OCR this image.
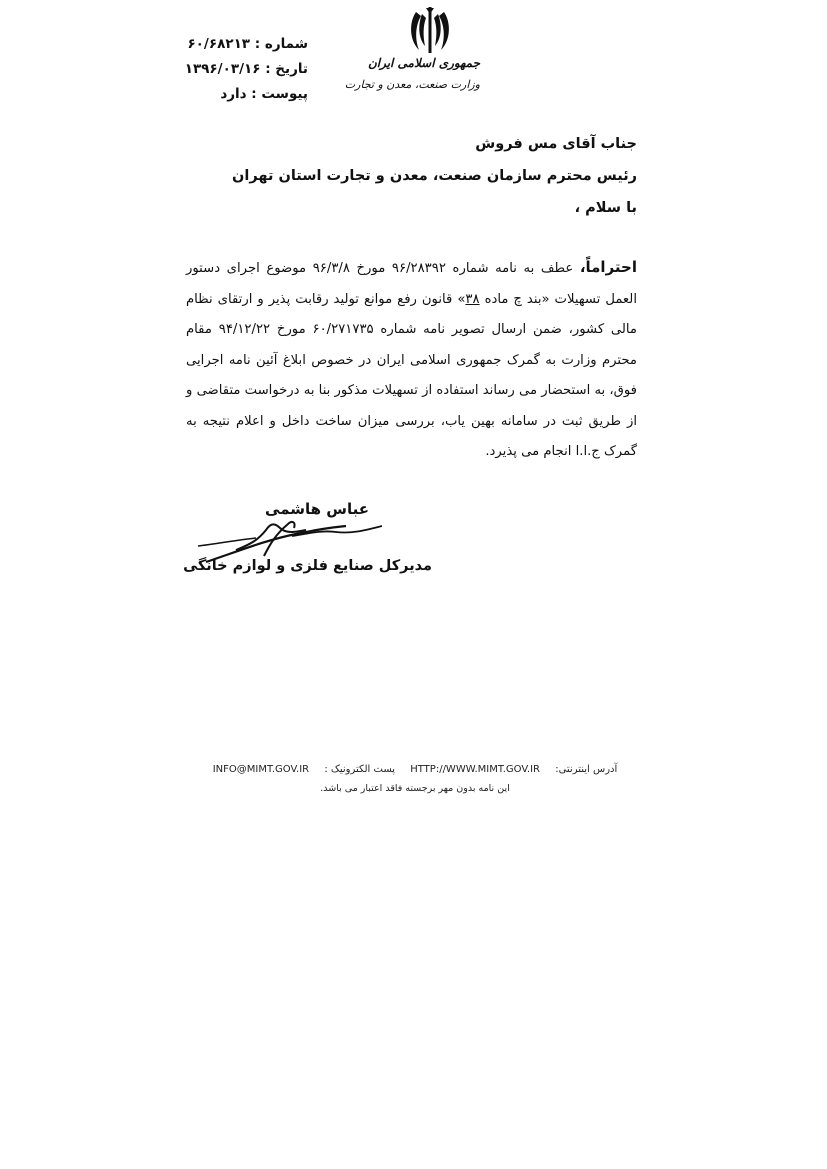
شماره : ۶۰/۶۸۲۱۳
تاریخ : ۱۳۹۶/۰۳/۱۶
پیوست : دارد
جمهوری اسلامی ایران
وزارت صنعت، معدن و تجارت
جناب آقای مس فروش
رئیس محترم سازمان صنعت، معدن و تجارت استان تهران
با سلام ،
احتراماً، عطف به نامه شماره ۹۶/۲۸۳۹۲ مورخ ۹۶/۳/۸ موضوع اجرای دستور العمل تسهیلات «بند چ ماده ۳۸» قانون رفع موانع تولید رقابت پذیر و ارتقای نظام مالی کشور، ضمن ارسال تصویر نامه شماره ۶۰/۲۷۱۷۳۵ مورخ ۹۴/۱۲/۲۲ مقام محترم وزارت به گمرک جمهوری اسلامی ایران در خصوص ابلاغ آئین نامه اجرایی فوق، به استحضار می رساند استفاده از تسهیلات مذکور بنا به درخواست متقاضی و از طریق ثبت در سامانه بهین یاب، بررسی میزان ساخت داخل و اعلام نتیجه به گمرک ج.ا.ا انجام می پذیرد.
عباس هاشمی
مدیرکل صنایع فلزی و لوازم خانگی
INFO@MIMT.GOV.IR پست الکترونیک : HTTP://WWW.MIMT.GOV.IR آدرس اینترنتی:
این نامه بدون مهر برجسته فاقد اعتبار می باشد.
